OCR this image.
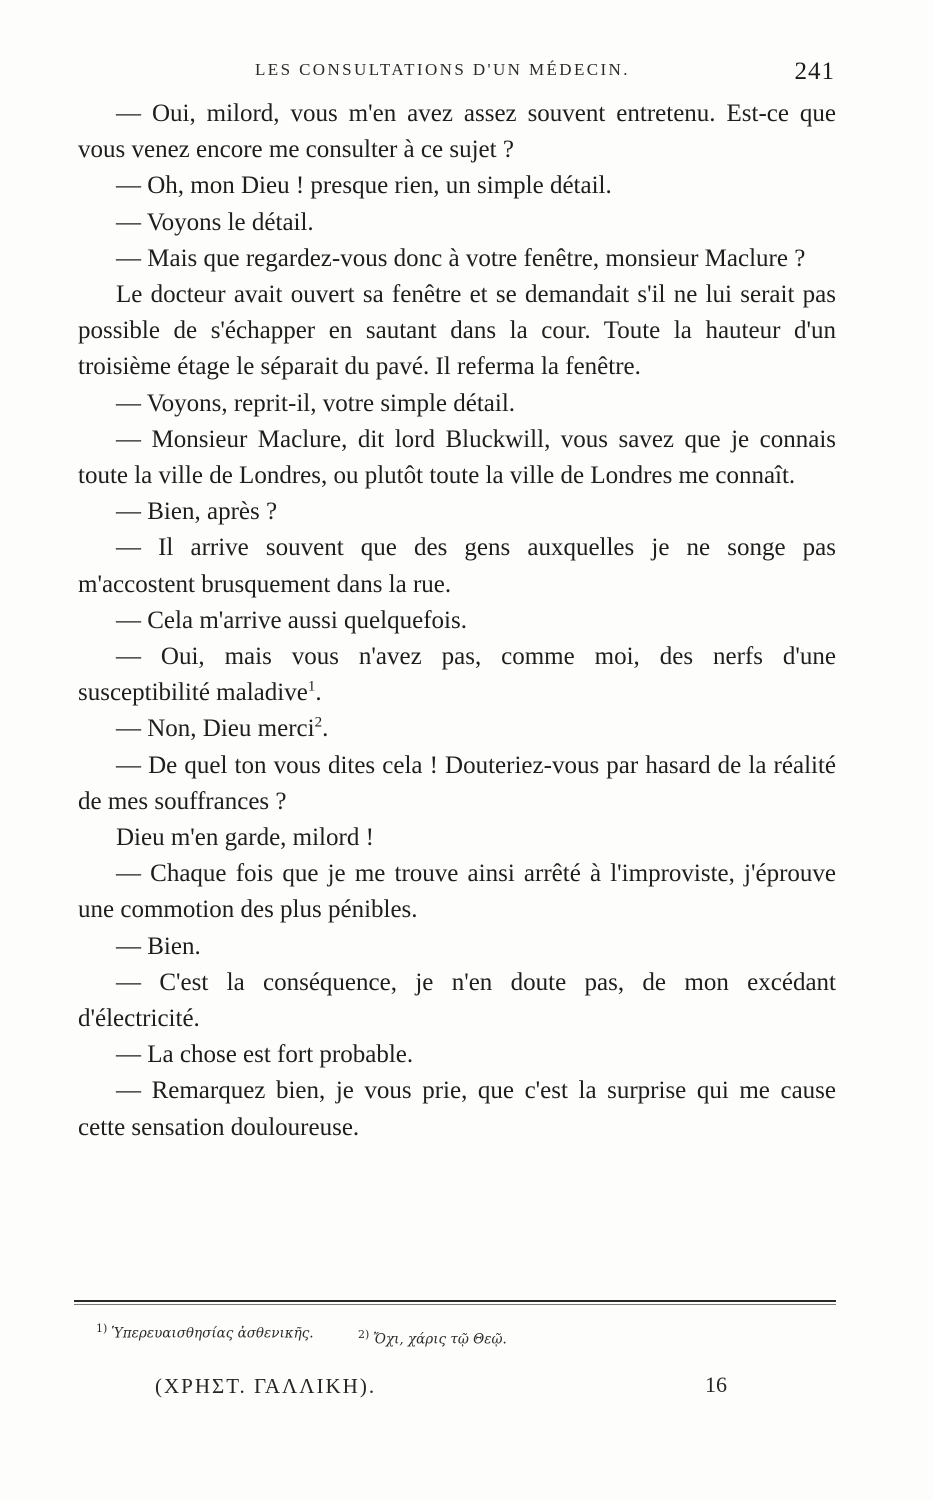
LES CONSULTATIONS D'UN MÉDECIN.	241

— Oui, milord, vous m'en avez assez souvent entretenu. Est-ce que vous venez encore me consulter à ce sujet ?

— Oh, mon Dieu ! presque rien, un simple détail.

— Voyons le détail.

— Mais que regardez-vous donc à votre fenêtre, monsieur Maclure ?

Le docteur avait ouvert sa fenêtre et se demandait s'il ne lui serait pas possible de s'échapper en sautant dans la cour. Toute la hauteur d'un troisième étage le séparait du pavé. Il referma la fenêtre.

— Voyons, reprit-il, votre simple détail.

— Monsieur Maclure, dit lord Bluckwill, vous savez que je connais toute la ville de Londres, ou plutôt toute la ville de Londres me connaît.

— Bien, après ?

— Il arrive souvent que des gens auxquelles je ne songe pas m'accostent brusquement dans la rue.

— Cela m'arrive aussi quelquefois.

— Oui, mais vous n'avez pas, comme moi, des nerfs d'une susceptibilité maladive$^1$.

— Non, Dieu merci$^2$.

— De quel ton vous dites cela ! Douteriez-vous par hasard de la réalité de mes souffrances ?

Dieu m'en garde, milord !

— Chaque fois que je me trouve ainsi arrêté à l'improviste, j'éprouve une commotion des plus pénibles.

— Bien.

— C'est la conséquence, je n'en doute pas, de mon excédant d'électricité.

— La chose est fort probable.

— Remarquez bien, je vous prie, que c'est la surprise qui me cause cette sensation douloureuse.

$^{1)}$ Ὑπερευαισθησίας ἀσθενικῆς.	$^{2)}$ Ὄχι, χάρις τῷ Θεῷ.
(ΧΡΗΣΤ. ΓΑΛΛΙΚΗ).	16
